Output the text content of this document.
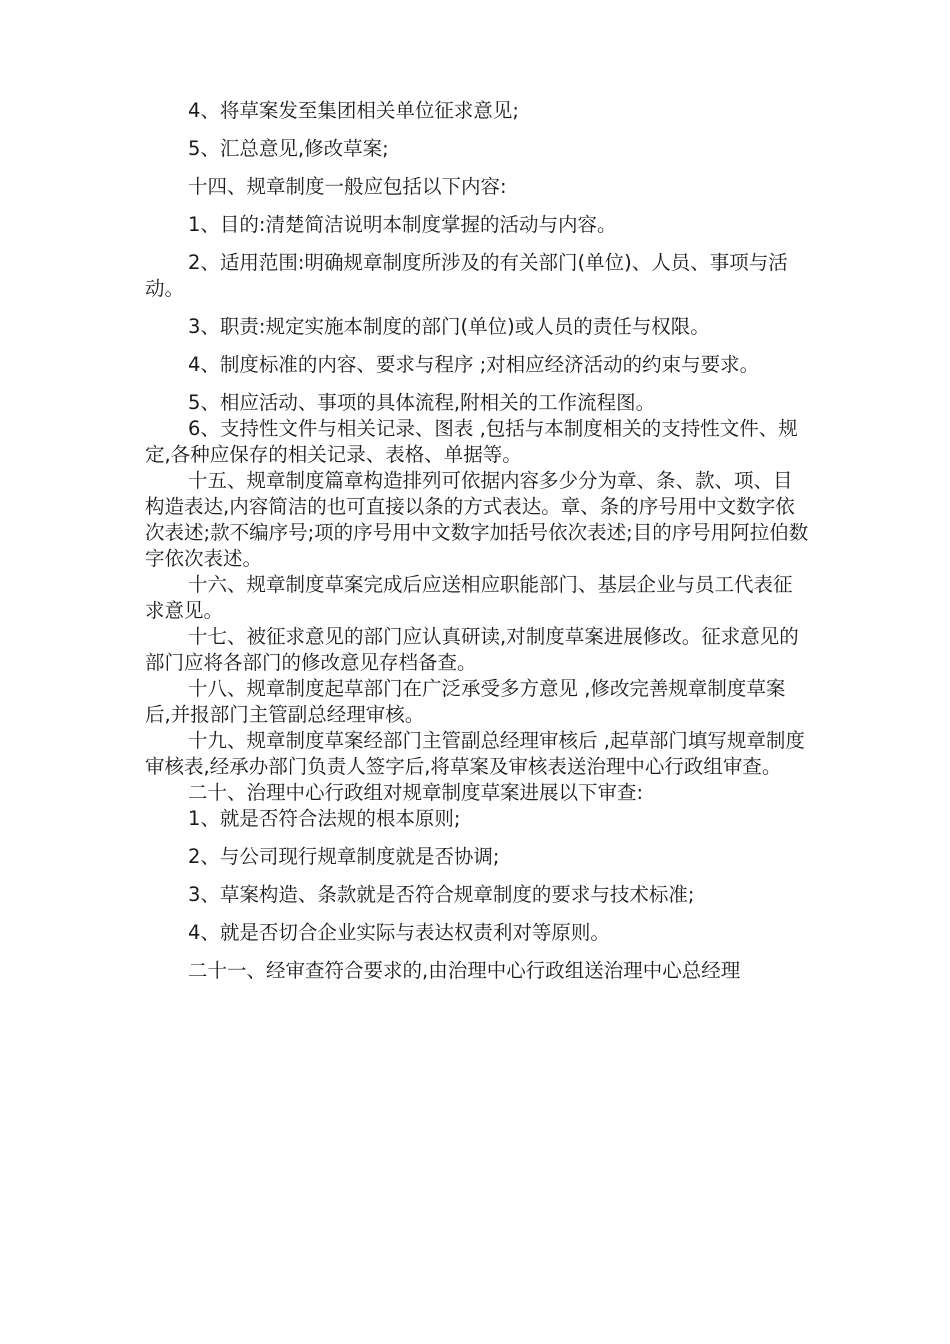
4、将草案发至集团相关单位征求意见;

5、汇总意见,修改草案;

十四、规章制度一般应包括以下内容:

1、目的:清楚简洁说明本制度掌握的活动与内容。

2、适用范围:明确规章制度所涉及的有关部门(单位)、人员、事项与活动。

3、职责:规定实施本制度的部门(单位)或人员的责任与权限。

4、制度标准的内容、要求与程序 ;对相应经济活动的约束与要求。

5、相应活动、事项的具体流程,附相关的工作流程图。

6、支持性文件与相关记录、图表 ,包括与本制度相关的支持性文件、规定,各种应保存的相关记录、表格、单据等。

十五、规章制度篇章构造排列可依据内容多少分为章、条、款、项、目构造表达,内容简洁的也可直接以条的方式表达。章、条的序号用中文数字依次表述;款不编序号;项的序号用中文数字加括号依次表述;目的序号用阿拉伯数字依次表述。

十六、规章制度草案完成后应送相应职能部门、基层企业与员工代表征求意见。

十七、被征求意见的部门应认真研读,对制度草案进展修改。征求意见的部门应将各部门的修改意见存档备查。

十八、规章制度起草部门在广泛承受多方意见 ,修改完善规章制度草案后,并报部门主管副总经理审核。

十九、规章制度草案经部门主管副总经理审核后 ,起草部门填写规章制度审核表,经承办部门负责人签字后,将草案及审核表送治理中心行政组审查。

二十、治理中心行政组对规章制度草案进展以下审查:

1、就是否符合法规的根本原则;

2、与公司现行规章制度就是否协调;

3、草案构造、条款就是否符合规章制度的要求与技术标准;

4、就是否切合企业实际与表达权责利对等原则。

二十一、经审查符合要求的,由治理中心行政组送治理中心总经理
